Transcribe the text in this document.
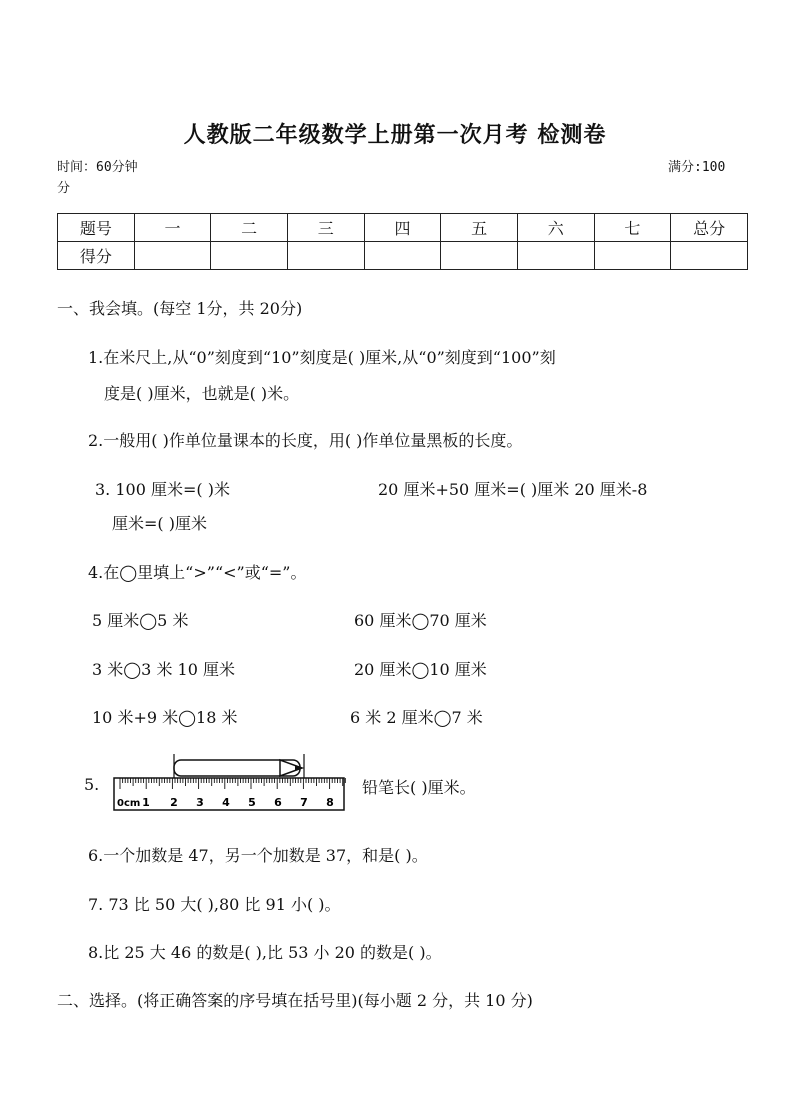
人教版二年级数学上册第一次月考 检测卷
时间：60分钟
分
满分:100
题号	一	二	三	四	五	六	七	总分
得分								
一、我会填。(每空 1分，共 20分)
1.在米尺上,从“0”刻度到“10”刻度是( )厘米,从“0”刻度到“100”刻
度是( )厘米，也就是( )米。
2.一般用( )作单位量课本的长度，用( )作单位量黑板的长度。
3. 100 厘米=( )米	20 厘米+50 厘米=( )厘米 20 厘米-8
厘米=( )厘米
4.在◯里填上“>”“<”或“=”。
5 厘米◯5 米	60 厘米◯70 厘米
3 米◯3 米 10 厘米	20 厘米◯10 厘米
10 米+9 米◯18 米	6 米 2 厘米◯7 米
5.
0cm 1 2 3 4 5 6 7 8
铅笔长( )厘米。
6.一个加数是 47，另一个加数是 37，和是( )。
7. 73 比 50 大( ),80 比 91 小( )。
8.比 25 大 46 的数是( ),比 53 小 20 的数是( )。
二、选择。(将正确答案的序号填在括号里)(每小题 2 分，共 10 分)
